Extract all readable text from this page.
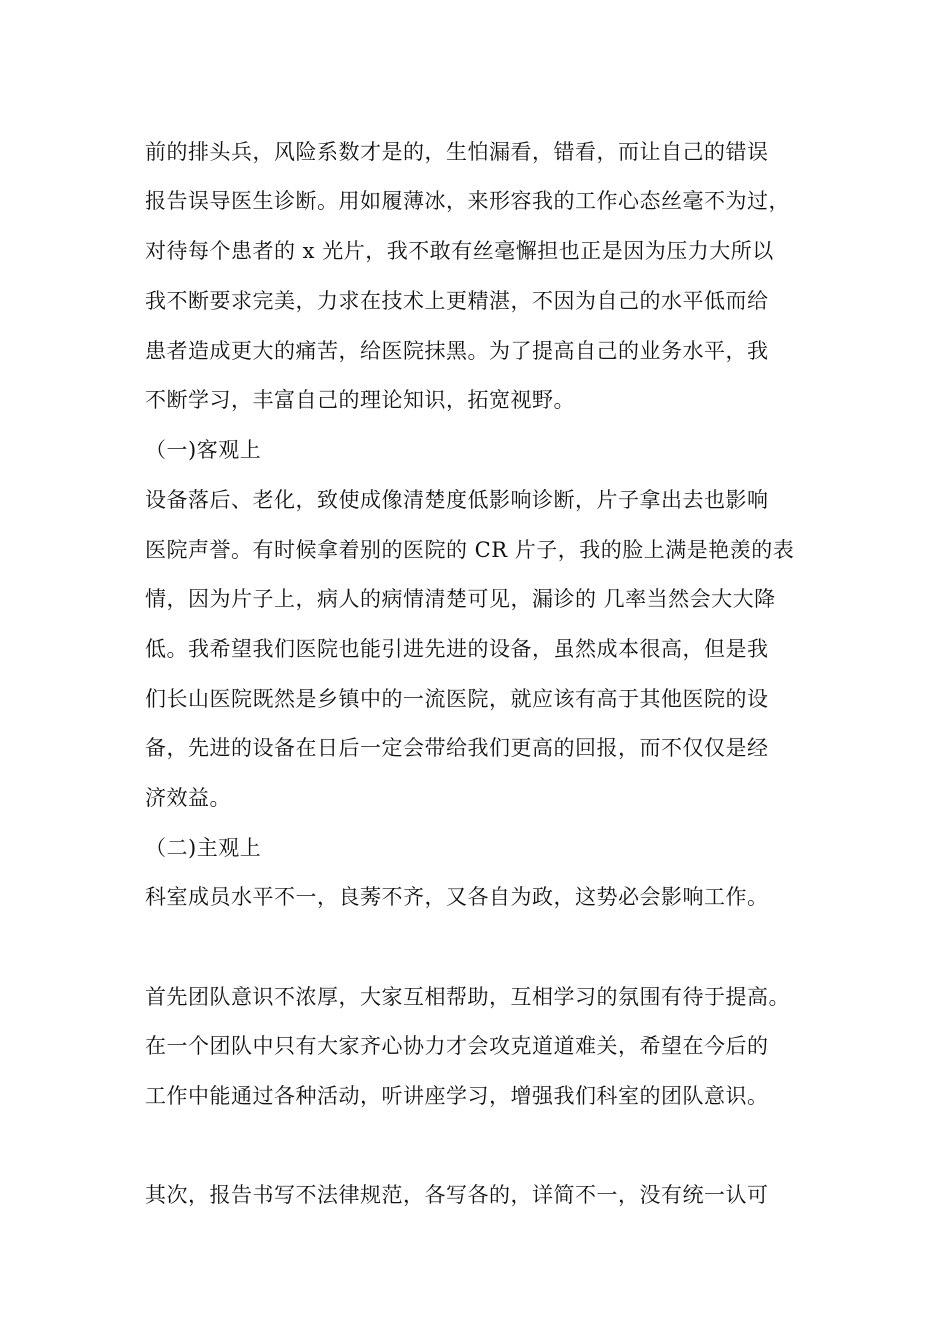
前的排头兵，风险系数才是的，生怕漏看，错看，而让自己的错误
报告误导医生诊断。用如履薄冰，来形容我的工作心态丝毫不为过，
对待每个患者的 x 光片，我不敢有丝毫懈担也正是因为压力大所以
我不断要求完美，力求在技术上更精湛，不因为自己的水平低而给
患者造成更大的痛苦，给医院抹黑。为了提高自己的业务水平，我
不断学习，丰富自己的理论知识，拓宽视野。
（一)客观上
设备落后、老化，致使成像清楚度低影响诊断，片子拿出去也影响
医院声誉。有时候拿着别的医院的 CR 片子，我的脸上满是艳羡的表
情，因为片子上，病人的病情清楚可见，漏诊的 几率当然会大大降
低。我希望我们医院也能引进先进的设备，虽然成本很高，但是我
们长山医院既然是乡镇中的一流医院，就应该有高于其他医院的设
备，先进的设备在日后一定会带给我们更高的回报，而不仅仅是经
济效益。
（二)主观上
科室成员水平不一，良莠不齐，又各自为政，这势必会影响工作。
首先团队意识不浓厚，大家互相帮助，互相学习的氛围有待于提高。
在一个团队中只有大家齐心协力才会攻克道道难关，希望在今后的
工作中能通过各种活动，听讲座学习，增强我们科室的团队意识。
其次，报告书写不法律规范，各写各的，详简不一，没有统一认可
